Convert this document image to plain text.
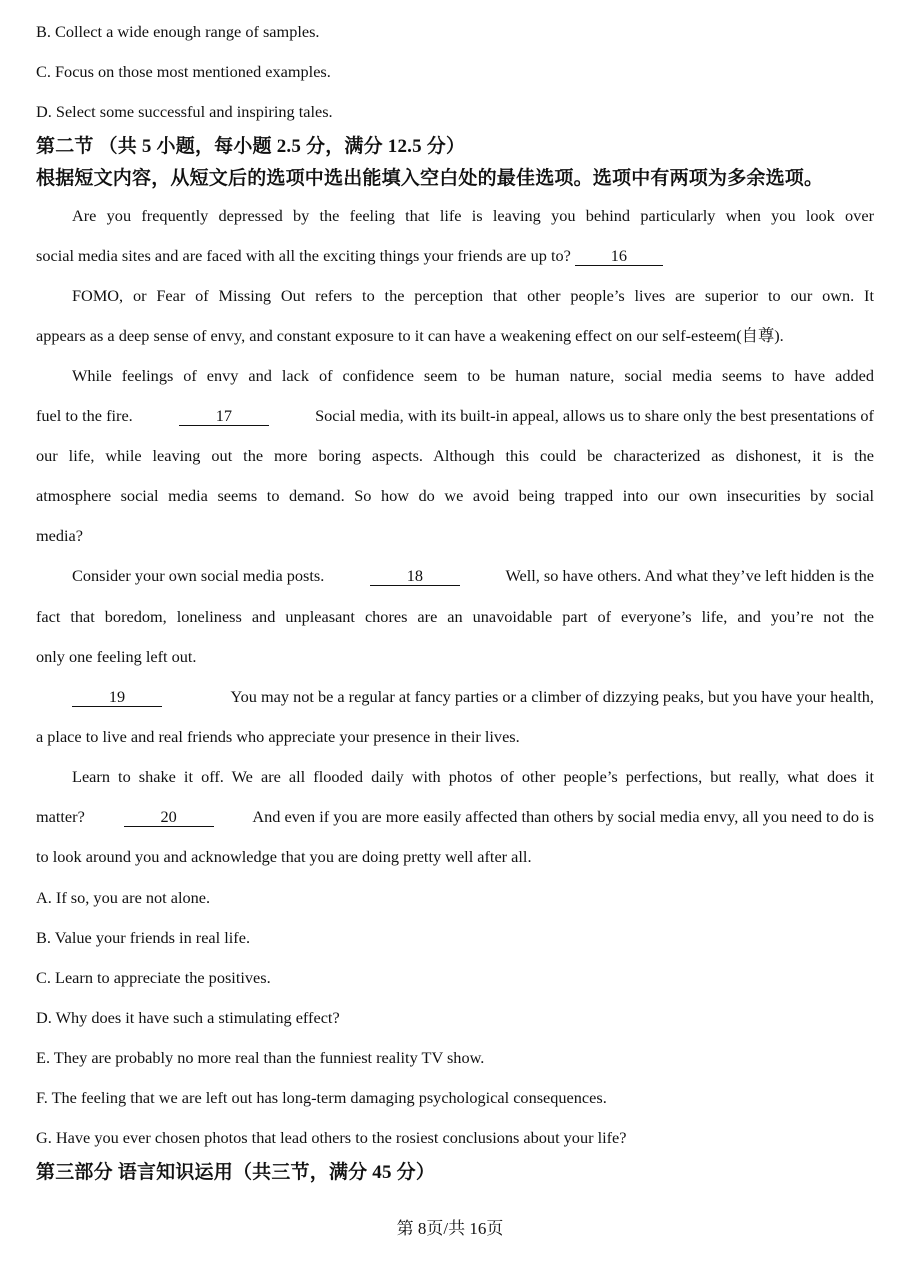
B. Collect a wide enough range of samples.
C. Focus on those most mentioned examples.
D. Select some successful and inspiring tales.
第二节 （共 5 小题，每小题 2.5 分，满分 12.5 分）
根据短文内容，从短文后的选项中选出能填入空白处的最佳选项。选项中有两项为多余选项。
Are you frequently depressed by the feeling that life is leaving you behind particularly when you look over
social media sites and are faced with all the exciting things your friends are up to? 16
FOMO, or Fear of Missing Out refers to the perception that other people’s lives are superior to our own. It
appears as a deep sense of envy, and constant exposure to it can have a weakening effect on our self-esteem(自尊).
While feelings of envy and lack of confidence seem to be human nature, social media seems to have added
fuel to the fire.	17	Social media, with its built-in appeal, allows us to share only the best presentations of
our life, while leaving out the more boring aspects. Although this could be characterized as dishonest, it is the
atmosphere social media seems to demand. So how do we avoid being trapped into our own insecurities by social
media?
Consider your own social media posts.	18	Well, so have others. And what they’ve left hidden is the
fact that boredom, loneliness and unpleasant chores are an unavoidable part of everyone’s life, and you’re not the
only one feeling left out.
19	You may not be a regular at fancy parties or a climber of dizzying peaks, but you have your health,
a place to live and real friends who appreciate your presence in their lives.
Learn to shake it off. We are all flooded daily with photos of other people’s perfections, but really, what does it
matter?	20	And even if you are more easily affected than others by social media envy, all you need to do is
to look around you and acknowledge that you are doing pretty well after all.
A. If so, you are not alone.
B. Value your friends in real life.
C. Learn to appreciate the positives.
D. Why does it have such a stimulating effect?
E. They are probably no more real than the funniest reality TV show.
F. The feeling that we are left out has long-term damaging psychological consequences.
G. Have you ever chosen photos that lead others to the rosiest conclusions about your life?
第三部分 语言知识运用（共三节，满分 45 分）
第 8页/共 16页
